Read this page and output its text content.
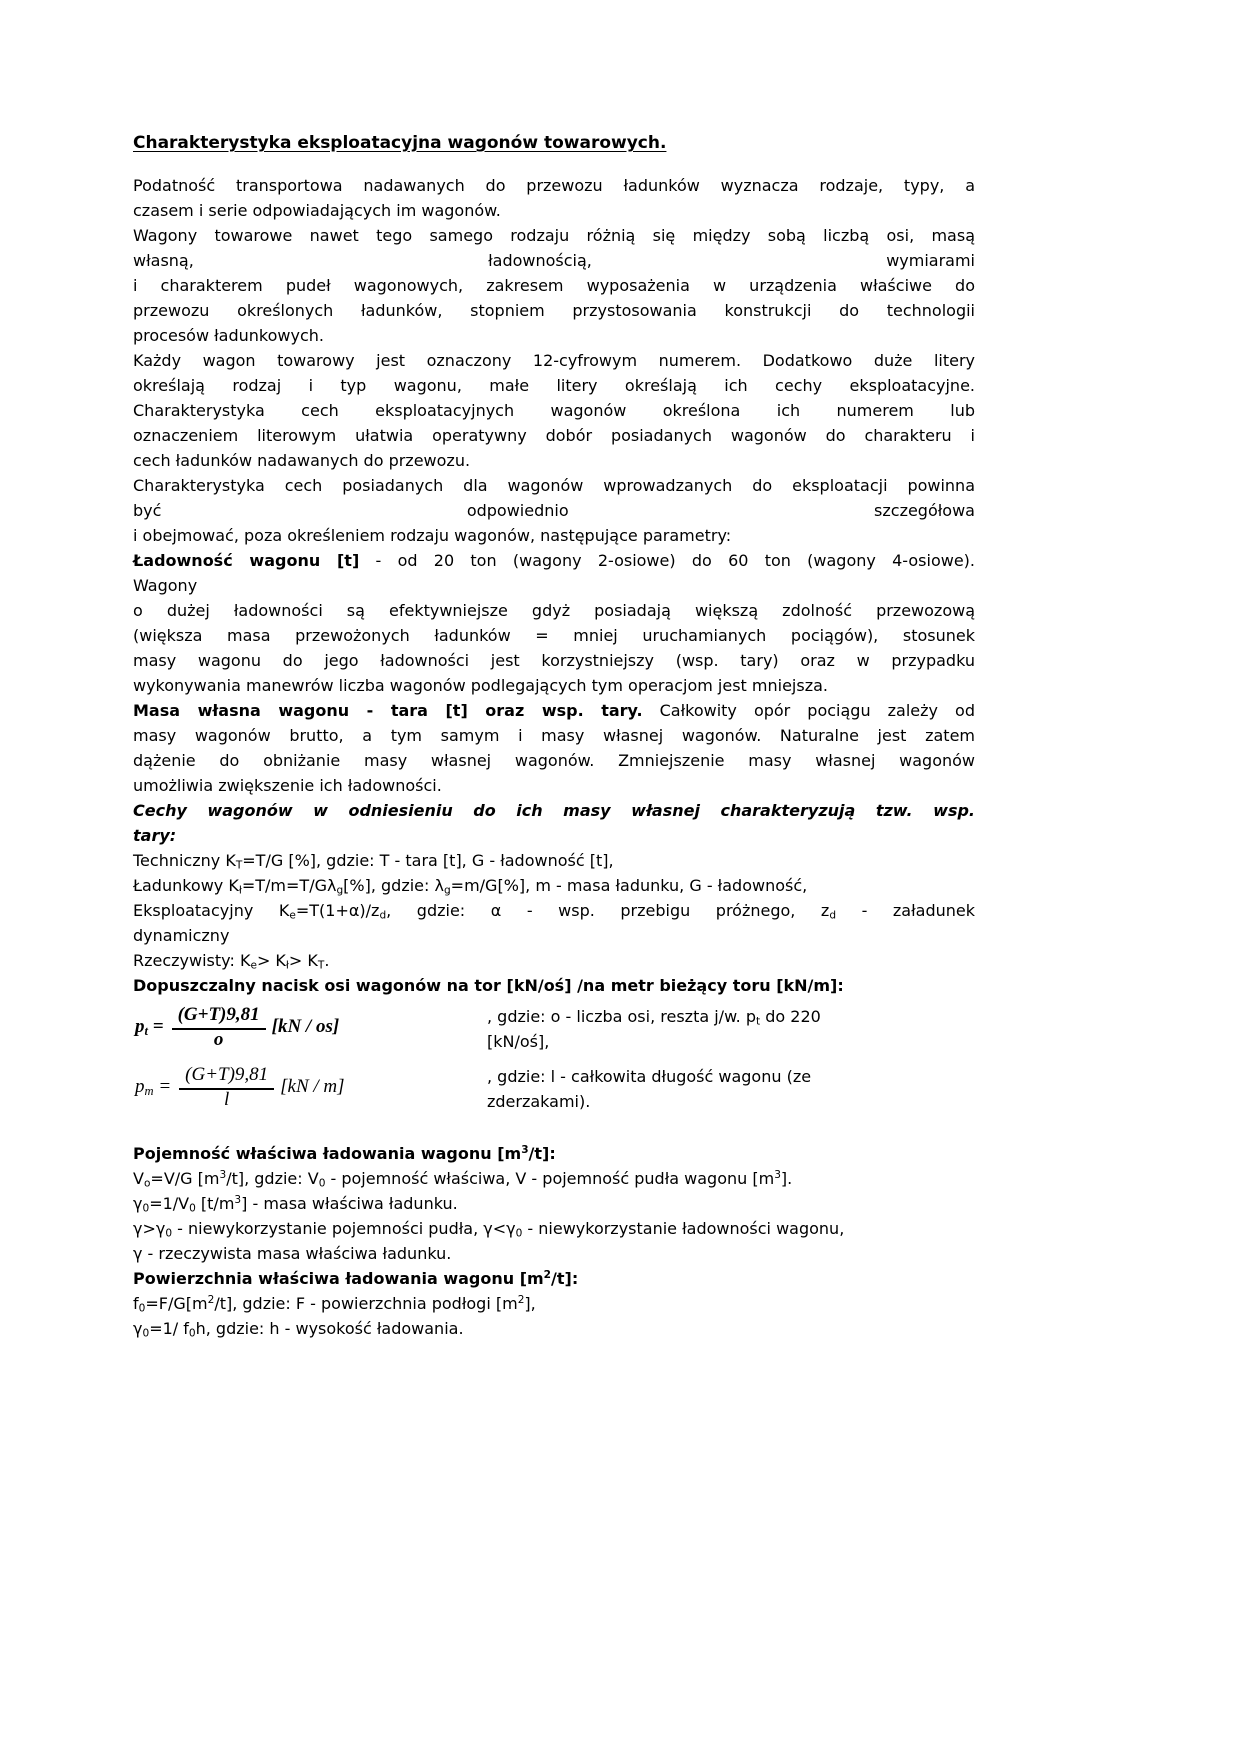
Charakterystyka eksploatacyjna wagonów towarowych.
Podatność transportowa nadawanych do przewozu ładunków wyznacza rodzaje, typy, a
czasem i serie odpowiadających im wagonów.
Wagony towarowe nawet tego samego rodzaju różnią się między sobą liczbą osi, masą
własną,	ładownością,	wymiarami
i charakterem pudeł wagonowych, zakresem wyposażenia w urządzenia właściwe do
przewozu określonych ładunków, stopniem przystosowania konstrukcji do technologii
procesów ładunkowych.
Każdy wagon towarowy jest oznaczony 12-cyfrowym numerem. Dodatkowo duże litery
określają rodzaj i typ wagonu, małe litery określają ich cechy eksploatacyjne.
Charakterystyka cech eksploatacyjnych wagonów określona ich numerem lub
oznaczeniem literowym ułatwia operatywny dobór posiadanych wagonów do charakteru i
cech ładunków nadawanych do przewozu.
Charakterystyka cech posiadanych dla wagonów wprowadzanych do eksploatacji powinna
być	odpowiednio	szczegółowa
i obejmować, poza określeniem rodzaju wagonów, następujące parametry:
Ładowność wagonu [t] - od 20 ton (wagony 2-osiowe) do 60 ton (wagony 4-osiowe).
Wagony
o dużej ładowności są efektywniejsze gdyż posiadają większą zdolność przewozową
(większa masa przewożonych ładunków = mniej uruchamianych pociągów), stosunek
masy wagonu do jego ładowności jest korzystniejszy (wsp. tary) oraz w przypadku
wykonywania manewrów liczba wagonów podlegających tym operacjom jest mniejsza.
Masa własna wagonu - tara [t] oraz wsp. tary. Całkowity opór pociągu zależy od
masy wagonów brutto, a tym samym i masy własnej wagonów. Naturalne jest zatem
dążenie do obniżanie masy własnej wagonów. Zmniejszenie masy własnej wagonów
umożliwia zwiększenie ich ładowności.
Cechy wagonów w odniesieniu do ich masy własnej charakteryzują tzw. wsp.
tary:
Techniczny $K_T=T/G$ [%], gdzie: T - tara [t], G - ładowność [t],
Ładunkowy $K_ł=T/m=T/G\lambda_g[\%]$, gdzie: $\lambda_g=m/G[\%]$, m - masa ładunku, G - ładowność,
Eksploatacyjny $K_e=T(1+\alpha)/z_d$, gdzie: α - wsp. przebigu próżnego, $z_d$ - załadunek
dynamiczny
Rzeczywisty: $K_e> K_ł> K_T$.
Dopuszczalny nacisk osi wagonów na tor [kN/oś] /na metr bieżący toru [kN/m]:
$p_t = \frac{(G+T)9,81}{o} [kN / os]$	, gdzie: o - liczba osi, reszta j/w. $p_t$ do 220
[kN/oś],
$p_m = \frac{(G+T)9,81}{l} [kN / m]$	, gdzie: l - całkowita długość wagonu (ze
zderzakami).
Pojemność właściwa ładowania wagonu $[m^3/t]$:
$V_o=V/G$ $[m^3/t]$, gdzie: $V_0$ - pojemność właściwa, V - pojemność pudła wagonu $[m^3]$.
$\gamma_0=1/V_0$ $[t/m^3]$ - masa właściwa ładunku.
$\gamma>\gamma_0$ - niewykorzystanie pojemności pudła, $\gamma<\gamma_0$ - niewykorzystanie ładowności wagonu,
γ - rzeczywista masa właściwa ładunku.
Powierzchnia właściwa ładowania wagonu $[m^2/t]$:
$f_0=F/G[m^2/t]$, gdzie: F - powierzchnia podłogi $[m^2]$,
$\gamma_0=1/$ $f_0h$, gdzie: h - wysokość ładowania.
